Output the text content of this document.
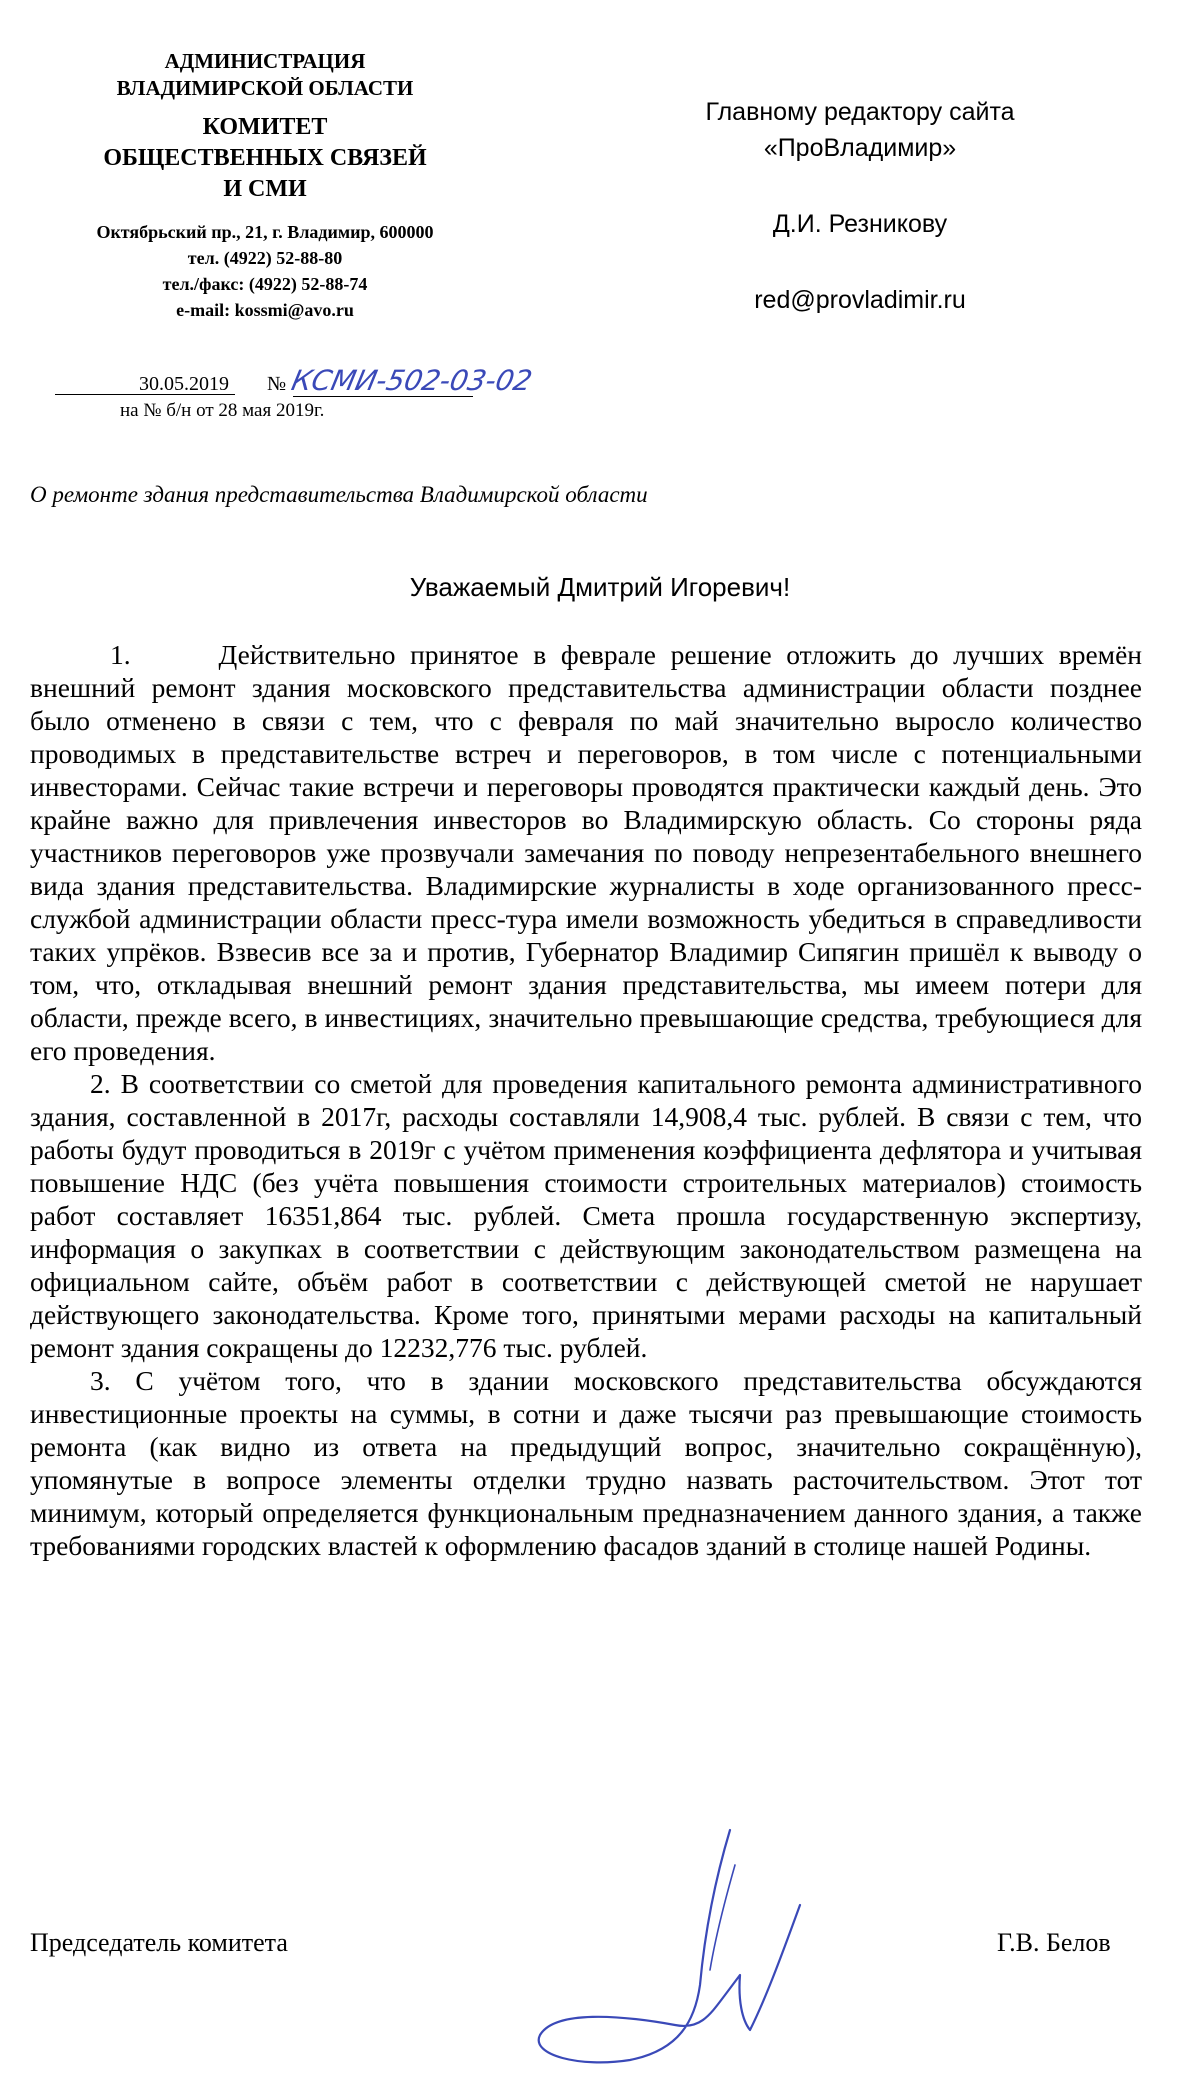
АДМИНИСТРАЦИЯ
ВЛАДИМИРСКОЙ ОБЛАСТИ
КОМИТЕТ
ОБЩЕСТВЕННЫХ СВЯЗЕЙ
И СМИ
Октябрьский пр., 21, г. Владимир, 600000
тел. (4922) 52-88-80
тел./факс: (4922) 52-88-74
e-mail: kossmi@avo.ru
30.05.2019	№ КСМИ-502-03-02
на № б/н от 28 мая 2019г.
Главному редактору сайта
«ПроВладимир»
Д.И. Резникову
red@provladimir.ru
О ремонте здания представительства Владимирской области
Уважаемый Дмитрий Игоревич!

1.      Действительно принятое в феврале решение отложить до лучших времён внешний ремонт здания московского представительства администрации области позднее было отменено в связи с тем, что с февраля по май значительно выросло количество проводимых в представительстве встреч и переговоров, в том числе с потенциальными инвесторами. Сейчас такие встречи и переговоры проводятся практически каждый день. Это крайне важно для привлечения инвесторов во Владимирскую область. Со стороны ряда участников переговоров уже прозвучали замечания по поводу непрезентабельного внешнего вида здания представительства. Владимирские журналисты в ходе организованного пресс-службой администрации области пресс-тура имели возможность убедиться в справедливости таких упрёков. Взвесив все за и против, Губернатор Владимир Сипягин пришёл к выводу о том, что, откладывая внешний ремонт здания представительства, мы имеем потери для области, прежде всего, в инвестициях, значительно превышающие средства, требующиеся для его проведения.

2. В соответствии со сметой для проведения капитального ремонта административного здания, составленной в 2017г, расходы составляли 14,908,4 тыс. рублей. В связи с тем, что работы будут проводиться в 2019г с учётом применения коэффициента дефлятора и учитывая повышение НДС (без учёта повышения стоимости строительных материалов) стоимость работ составляет 16351,864 тыс. рублей. Смета прошла государственную экспертизу, информация о закупках в соответствии с действующим законодательством размещена на официальном сайте, объём работ в соответствии с действующей сметой не нарушает действующего законодательства. Кроме того, принятыми мерами расходы на капитальный ремонт здания сокращены до 12232,776 тыс. рублей.

3. С учётом того, что в здании московского представительства обсуждаются инвестиционные проекты на суммы, в сотни и даже тысячи раз превышающие стоимость ремонта (как видно из ответа на предыдущий вопрос, значительно сокращённую), упомянутые в вопросе элементы отделки трудно назвать расточительством. Этот тот минимум, который определяется функциональным предназначением данного здания, а также требованиями городских властей к оформлению фасадов зданий в столице нашей Родины.

Председатель комитета	Г.В. Белов
